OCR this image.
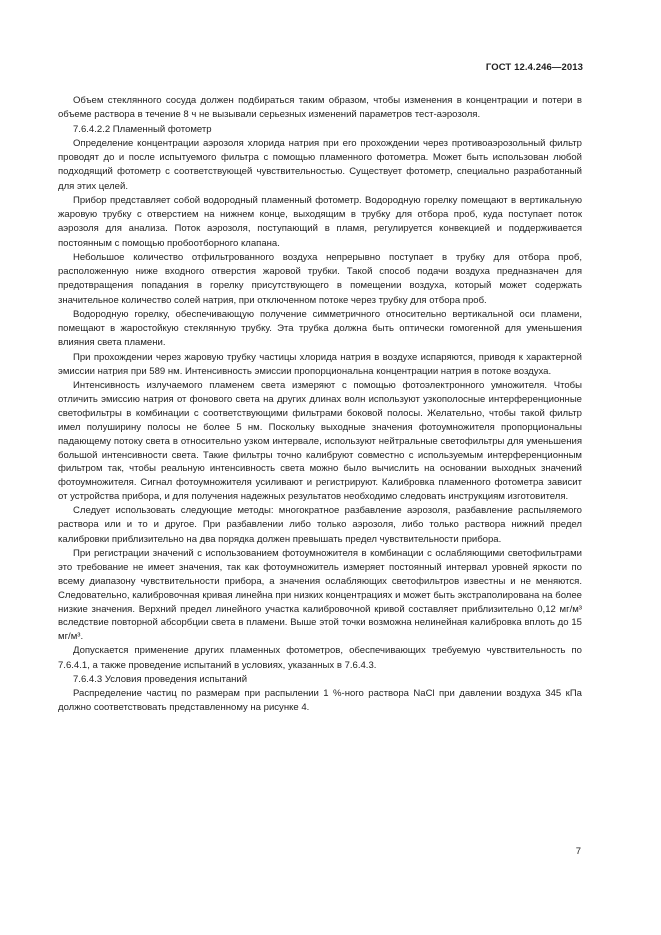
ГОСТ 12.4.246—2013

Объем стеклянного сосуда должен подбираться таким образом, чтобы изменения в концентрации и потери в объеме раствора в течение 8 ч не вызывали серьезных изменений параметров тест-аэрозоля.

7.6.4.2.2 Пламенный фотометр

Определение концентрации аэрозоля хлорида натрия при его прохождении через противоаэрозольный фильтр проводят до и после испытуемого фильтра с помощью пламенного фотометра. Может быть использован любой подходящий фотометр с соответствующей чувствительностью. Существует фотометр, специально разработанный для этих целей.

Прибор представляет собой водородный пламенный фотометр. Водородную горелку помещают в вертикальную жаровую трубку с отверстием на нижнем конце, выходящим в трубку для отбора проб, куда поступает поток аэрозоля для анализа. Поток аэрозоля, поступающий в пламя, регулируется конвекцией и поддерживается постоянным с помощью пробоотборного клапана.

Небольшое количество отфильтрованного воздуха непрерывно поступает в трубку для отбора проб, расположенную ниже входного отверстия жаровой трубки. Такой способ подачи воздуха предназначен для предотвращения попадания в горелку присутствующего в помещении воздуха, который может содержать значительное количество солей натрия, при отключенном потоке через трубку для отбора проб.

Водородную горелку, обеспечивающую получение симметричного относительно вертикальной оси пламени, помещают в жаростойкую стеклянную трубку. Эта трубка должна быть оптически гомогенной для уменьшения влияния света пламени.

При прохождении через жаровую трубку частицы хлорида натрия в воздухе испаряются, приводя к характерной эмиссии натрия при 589 нм. Интенсивность эмиссии пропорциональна концентрации натрия в потоке воздуха.

Интенсивность излучаемого пламенем света измеряют с помощью фотоэлектронного умножителя. Чтобы отличить эмиссию натрия от фонового света на других длинах волн используют узкополосные интерференционные светофильтры в комбинации с соответствующими фильтрами боковой полосы. Желательно, чтобы такой фильтр имел полуширину полосы не более 5 нм. Поскольку выходные значения фотоумножителя пропорциональны падающему потоку света в относительно узком интервале, используют нейтральные светофильтры для уменьшения большой интенсивности света. Такие фильтры точно калибруют совместно с используемым интерференционным фильтром так, чтобы реальную интенсивность света можно было вычислить на основании выходных значений фотоумножителя. Сигнал фотоумножителя усиливают и регистрируют. Калибровка пламенного фотометра зависит от устройства прибора, и для получения надежных результатов необходимо следовать инструкциям изготовителя.

Следует использовать следующие методы: многократное разбавление аэрозоля, разбавление распыляемого раствора или и то и другое. При разбавлении либо только аэрозоля, либо только раствора нижний предел калибровки приблизительно на два порядка должен превышать предел чувствительности прибора.

При регистрации значений с использованием фотоумножителя в комбинации с ослабляющими светофильтрами это требование не имеет значения, так как фотоумножитель измеряет постоянный интервал уровней яркости по всему диапазону чувствительности прибора, а значения ослабляющих светофильтров известны и не меняются. Следовательно, калибровочная кривая линейна при низких концентрациях и может быть экстраполирована на более низкие значения. Верхний предел линейного участка калибровочной кривой составляет приблизительно 0,12 мг/м³ вследствие повторной абсорбции света в пламени. Выше этой точки возможна нелинейная калибровка вплоть до 15 мг/м³.

Допускается применение других пламенных фотометров, обеспечивающих требуемую чувствительность по 7.6.4.1, а также проведение испытаний в условиях, указанных в 7.6.4.3.

7.6.4.3 Условия проведения испытаний

Распределение частиц по размерам при распылении 1 %-ного раствора NaCl при давлении воздуха 345 кПа должно соответствовать представленному на рисунке 4.

7
